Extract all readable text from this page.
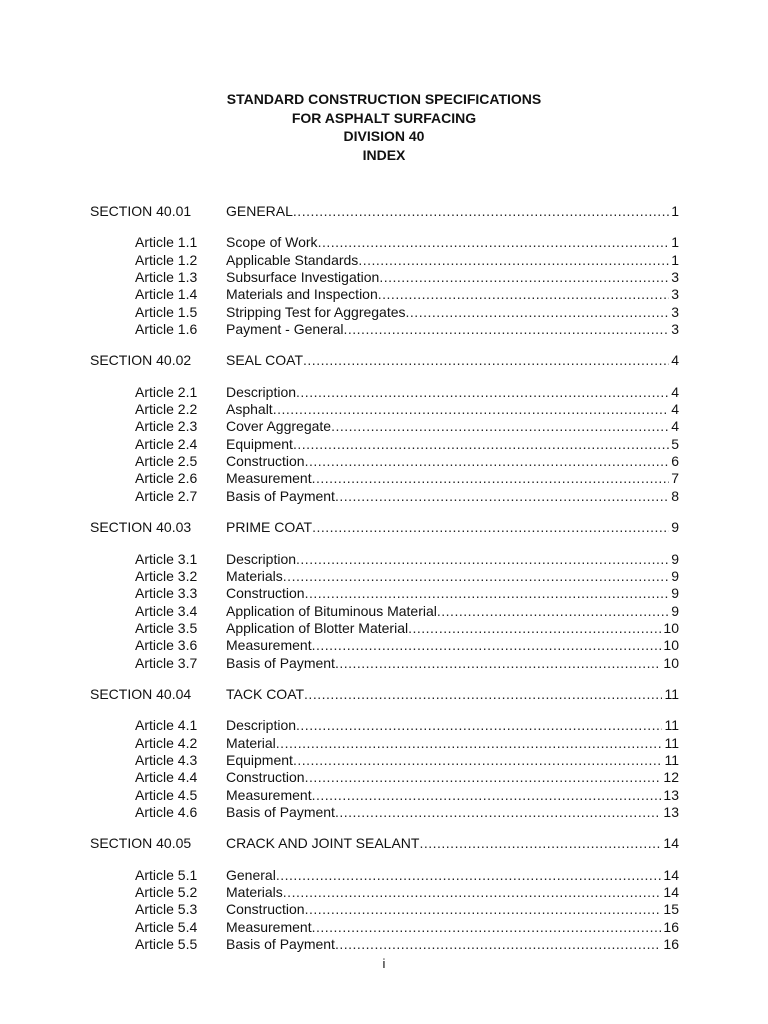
STANDARD CONSTRUCTION SPECIFICATIONS
FOR ASPHALT SURFACING
DIVISION 40
INDEX
SECTION 40.01	GENERAL .....	1
Article 1.1	Scope of Work .....	1
Article 1.2	Applicable Standards .....	1
Article 1.3	Subsurface Investigation .....	3
Article 1.4	Materials and Inspection .....	3
Article 1.5	Stripping Test for Aggregates .....	3
Article 1.6	Payment - General .....	3
SECTION 40.02	SEAL COAT .....	4
Article 2.1	Description .....	4
Article 2.2	Asphalt .....	4
Article 2.3	Cover Aggregate .....	4
Article 2.4	Equipment .....	5
Article 2.5	Construction .....	6
Article 2.6	Measurement .....	7
Article 2.7	Basis of Payment .....	8
SECTION 40.03	PRIME COAT .....	9
Article 3.1	Description .....	9
Article 3.2	Materials .....	9
Article 3.3	Construction .....	9
Article 3.4	Application of Bituminous Material .....	9
Article 3.5	Application of Blotter Material .....	10
Article 3.6	Measurement .....	10
Article 3.7	Basis of Payment .....	10
SECTION 40.04	TACK COAT .....	11
Article 4.1	Description .....	11
Article 4.2	Material .....	11
Article 4.3	Equipment .....	11
Article 4.4	Construction .....	12
Article 4.5	Measurement .....	13
Article 4.6	Basis of Payment .....	13
SECTION 40.05	CRACK AND JOINT SEALANT .....	14
Article 5.1	General .....	14
Article 5.2	Materials .....	14
Article 5.3	Construction .....	15
Article 5.4	Measurement .....	16
Article 5.5	Basis of Payment .....	16
i
